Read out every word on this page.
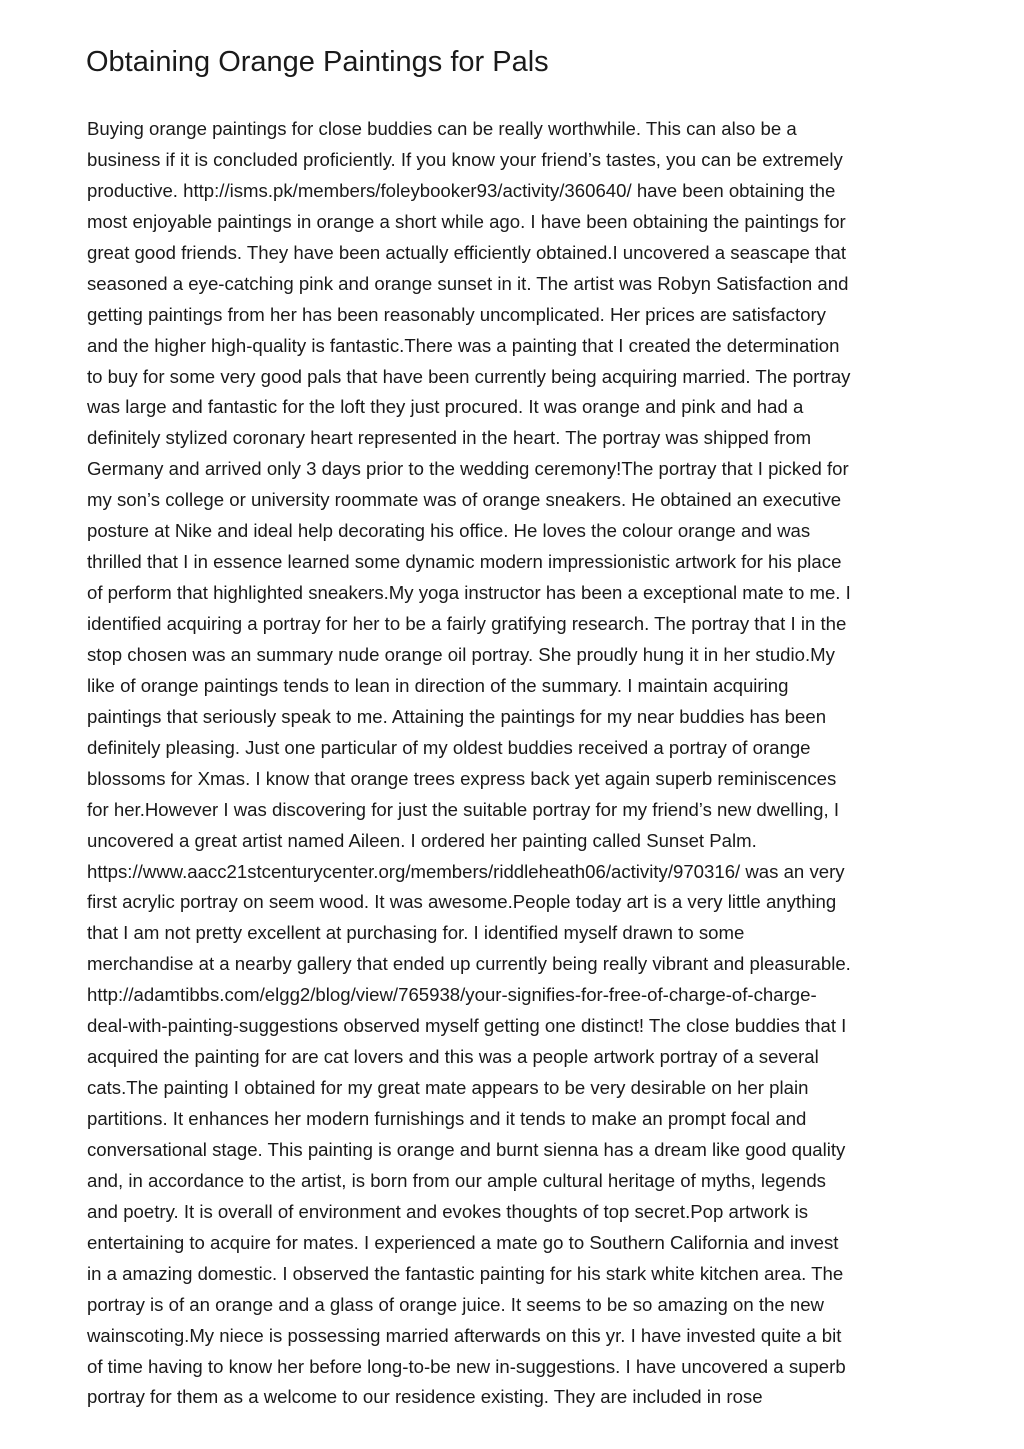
Obtaining Orange Paintings for Pals
Buying orange paintings for close buddies can be really worthwhile. This can also be a
business if it is concluded proficiently. If you know your friend’s tastes, you can be extremely
productive. http://isms.pk/members/foleybooker93/activity/360640/ have been obtaining the
most enjoyable paintings in orange a short while ago. I have been obtaining the paintings for
great good friends. They have been actually efficiently obtained.I uncovered a seascape that
seasoned a eye-catching pink and orange sunset in it. The artist was Robyn Satisfaction and
getting paintings from her has been reasonably uncomplicated. Her prices are satisfactory
and the higher high-quality is fantastic.There was a painting that I created the determination
to buy for some very good pals that have been currently being acquiring married. The portray
was large and fantastic for the loft they just procured. It was orange and pink and had a
definitely stylized coronary heart represented in the heart. The portray was shipped from
Germany and arrived only 3 days prior to the wedding ceremony!The portray that I picked for
my son’s college or university roommate was of orange sneakers. He obtained an executive
posture at Nike and ideal help decorating his office. He loves the colour orange and was
thrilled that I in essence learned some dynamic modern impressionistic artwork for his place
of perform that highlighted sneakers.My yoga instructor has been a exceptional mate to me. I
identified acquiring a portray for her to be a fairly gratifying research. The portray that I in the
stop chosen was an summary nude orange oil portray. She proudly hung it in her studio.My
like of orange paintings tends to lean in direction of the summary. I maintain acquiring
paintings that seriously speak to me. Attaining the paintings for my near buddies has been
definitely pleasing. Just one particular of my oldest buddies received a portray of orange
blossoms for Xmas. I know that orange trees express back yet again superb reminiscences
for her.However I was discovering for just the suitable portray for my friend’s new dwelling, I
uncovered a great artist named Aileen. I ordered her painting called Sunset Palm.
https://www.aacc21stcenturycenter.org/members/riddleheath06/activity/970316/ was an very
first acrylic portray on seem wood. It was awesome.People today art is a very little anything
that I am not pretty excellent at purchasing for. I identified myself drawn to some
merchandise at a nearby gallery that ended up currently being really vibrant and pleasurable.
http://adamtibbs.com/elgg2/blog/view/765938/your-signifies-for-free-of-charge-of-charge-
deal-with-painting-suggestions observed myself getting one distinct! The close buddies that I
acquired the painting for are cat lovers and this was a people artwork portray of a several
cats.The painting I obtained for my great mate appears to be very desirable on her plain
partitions. It enhances her modern furnishings and it tends to make an prompt focal and
conversational stage. This painting is orange and burnt sienna has a dream like good quality
and, in accordance to the artist, is born from our ample cultural heritage of myths, legends
and poetry. It is overall of environment and evokes thoughts of top secret.Pop artwork is
entertaining to acquire for mates. I experienced a mate go to Southern California and invest
in a amazing domestic. I observed the fantastic painting for his stark white kitchen area. The
portray is of an orange and a glass of orange juice. It seems to be so amazing on the new
wainscoting.My niece is possessing married afterwards on this yr. I have invested quite a bit
of time having to know her before long-to-be new in-suggestions. I have uncovered a superb
portray for them as a welcome to our residence existing. They are included in rose
